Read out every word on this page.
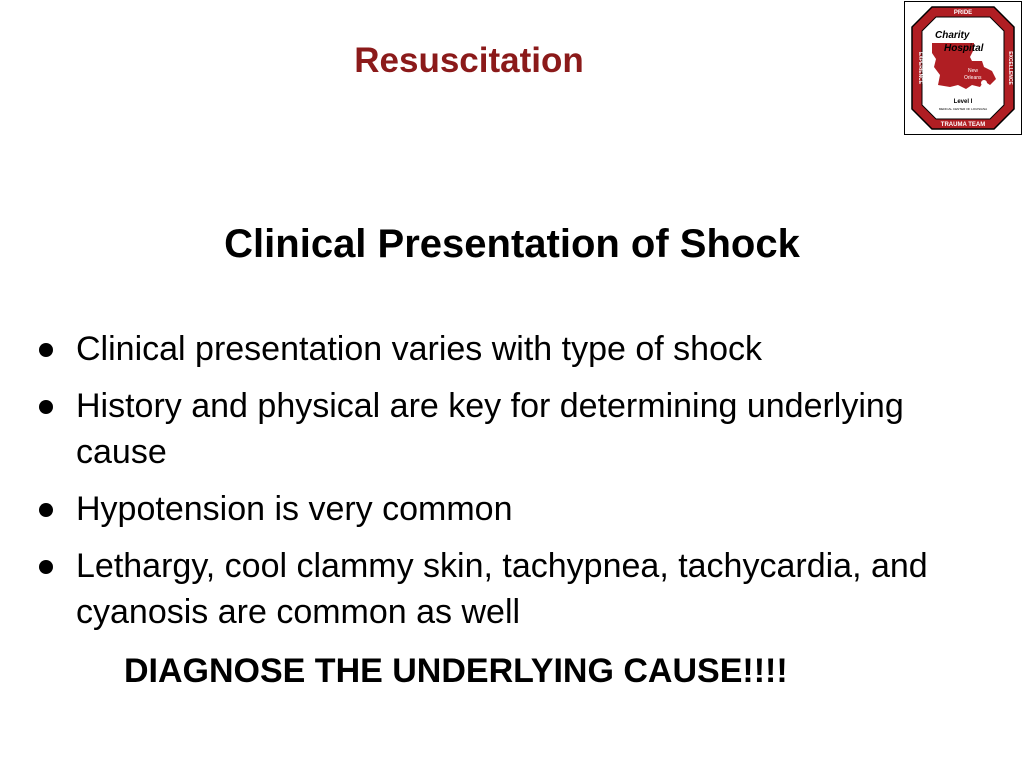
Resuscitation
PRIDE
TRAUMA TEAM
EXPERIENCE	EXCELLENCE
Charity
Hospital
New
Orleans
Level I
MEDICAL CENTER OF LOUISIANA
Clinical Presentation of Shock
Clinical presentation varies with type of shock
History and physical are key for determining underlying cause
Hypotension is very common
Lethargy, cool clammy skin, tachypnea, tachycardia, and cyanosis are common as well
DIAGNOSE THE UNDERLYING CAUSE!!!!
